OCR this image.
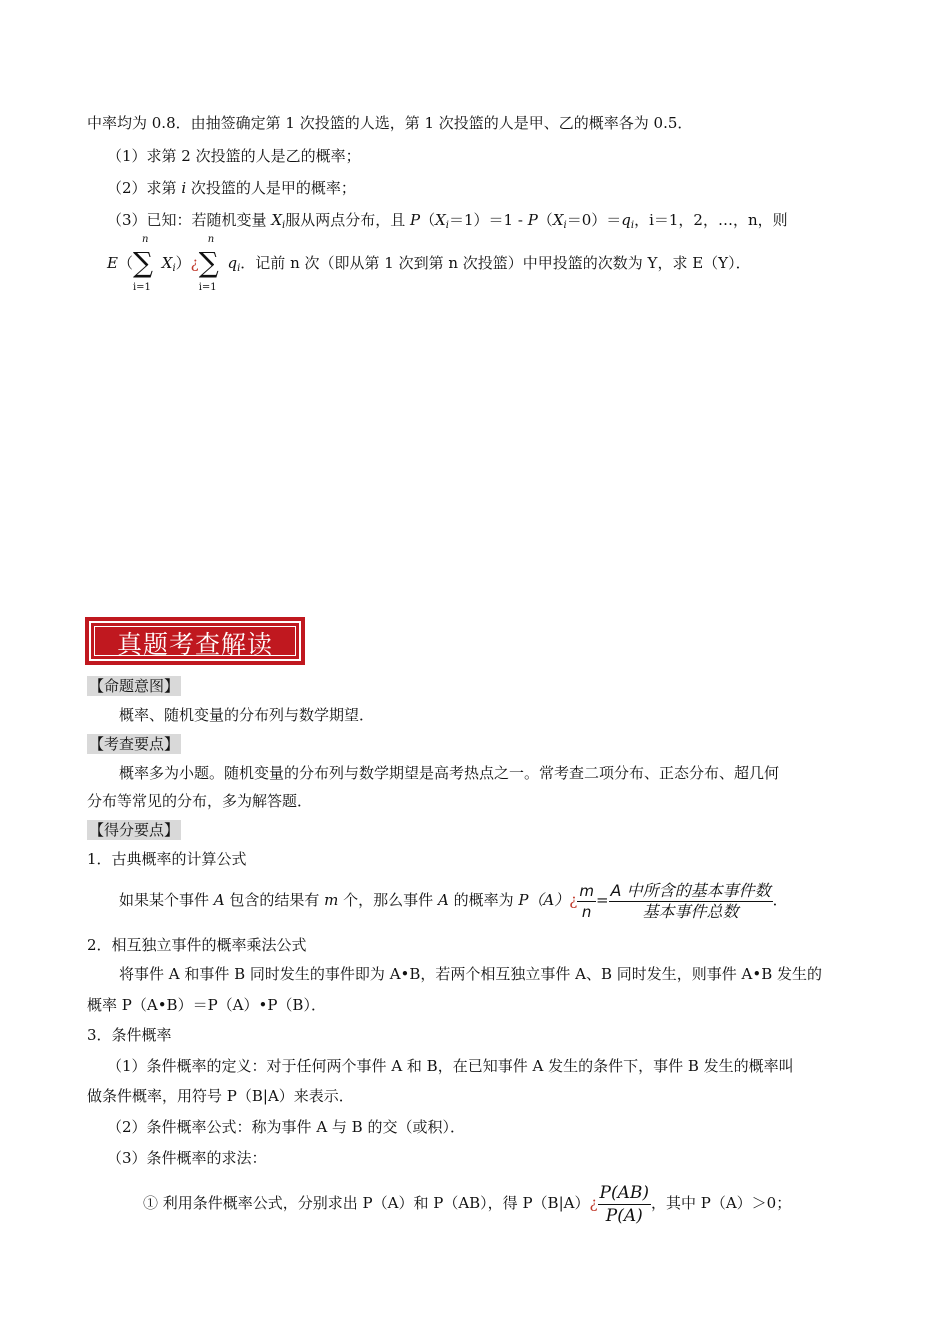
中率均为 0.8．由抽签确定第 1 次投篮的人选，第 1 次投篮的人是甲、乙的概率各为 0.5．
（1）求第 2 次投篮的人是乙的概率；
（2）求第 i 次投篮的人是甲的概率；
（3）已知：若随机变量 $X_i$服从两点分布，且 $P(X_i=1)=1 - P(X_i=0)=q_i$，i＝1，2，…，n，则
E（
n
∑
i=1
$X_i)¿$
n
∑
i=1
$q_i$．记前 n 次（即从第 1 次到第 n 次投篮）中甲投篮的次数为 Y，求 E（Y）．
真题考查解读
【命题意图】
概率、随机变量的分布列与数学期望．
【考查要点】
概率多为小题。随机变量的分布列与数学期望是高考热点之一。常考查二项分布、正态分布、超几何
分布等常见的分布，多为解答题．
【得分要点】
1．古典概率的计算公式
如果某个事件 A 包含的结果有 m 个，那么事件 A 的概率为 P（A）¿ $\frac{m}{n} = \frac{\text{A 中所含的基本事件数}}{\text{基本事件总数}}$ ．
2．相互独立事件的概率乘法公式
将事件 A 和事件 B 同时发生的事件即为 A•B，若两个相互独立事件 A、B 同时发生，则事件 A•B 发生的
概率 P（A•B）＝P（A）•P（B）．
3．条件概率
（1）条件概率的定义：对于任何两个事件 A 和 B，在已知事件 A 发生的条件下，事件 B 发生的概率叫
做条件概率，用符号 P（B|A）来表示．
（2）条件概率公式：称为事件 A 与 B 的交（或积）．
（3）条件概率的求法：
① 利用条件概率公式，分别求出 P（A）和 P（AB），得 P（B|A）¿ $\frac{P(AB)}{P(A)}$ ，其中 P（A）＞0；
